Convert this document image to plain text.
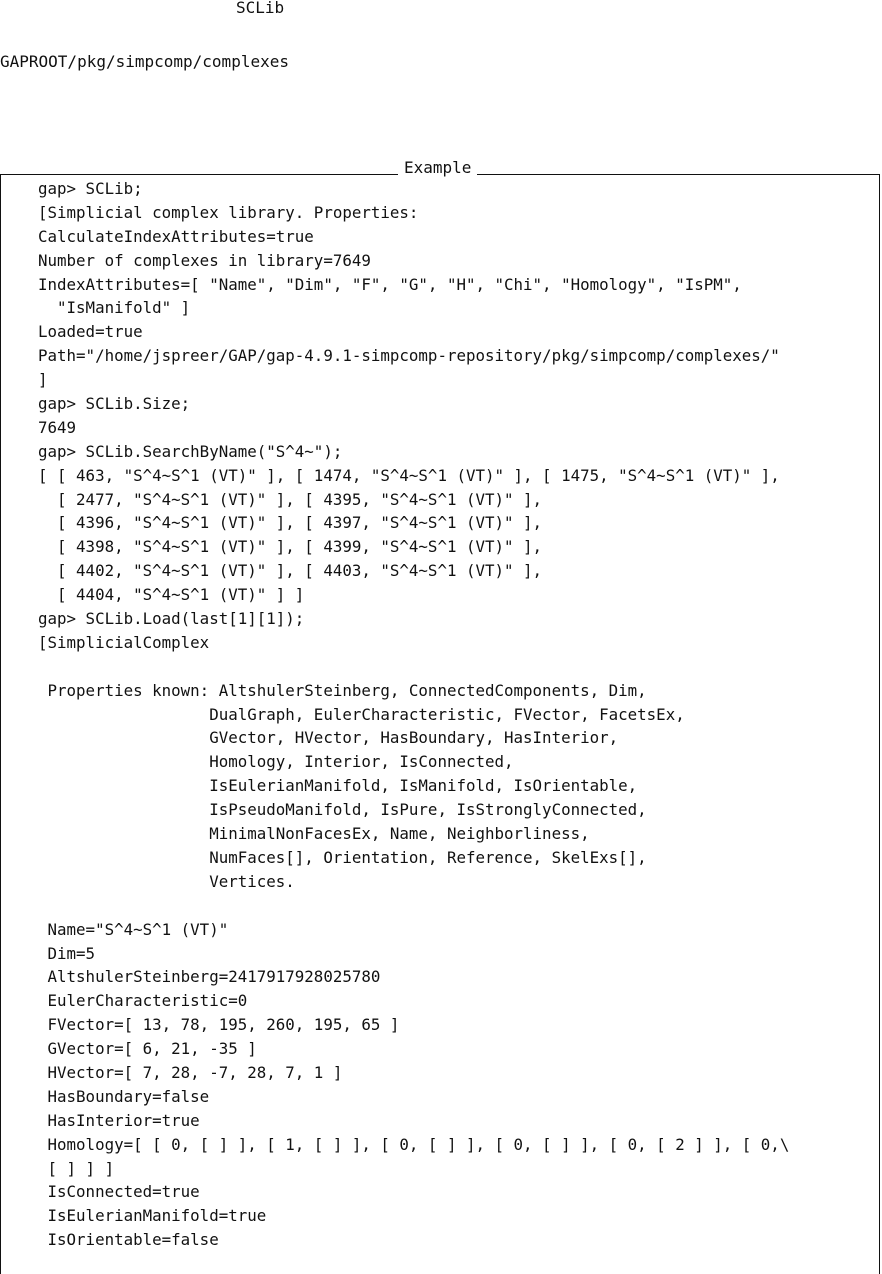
SCLib
GAPROOT/pkg/simpcomp/complexes
Example
gap> SCLib;
[Simplicial complex library. Properties:
CalculateIndexAttributes=true
Number of complexes in library=7649
IndexAttributes=[ "Name", "Dim", "F", "G", "H", "Chi", "Homology", "IsPM",
"IsManifold" ]
Loaded=true
Path="/home/jspreer/GAP/gap-4.9.1-simpcomp-repository/pkg/simpcomp/complexes/"
]
gap> SCLib.Size;
7649
gap> SCLib.SearchByName("S^4~");
[ [ 463, "S^4~S^1 (VT)" ], [ 1474, "S^4~S^1 (VT)" ], [ 1475, "S^4~S^1 (VT)" ],
[ 2477, "S^4~S^1 (VT)" ], [ 4395, "S^4~S^1 (VT)" ],
[ 4396, "S^4~S^1 (VT)" ], [ 4397, "S^4~S^1 (VT)" ],
[ 4398, "S^4~S^1 (VT)" ], [ 4399, "S^4~S^1 (VT)" ],
[ 4402, "S^4~S^1 (VT)" ], [ 4403, "S^4~S^1 (VT)" ],
[ 4404, "S^4~S^1 (VT)" ] ]
gap> SCLib.Load(last[1][1]);
[SimplicialComplex
Properties known: AltshulerSteinberg, ConnectedComponents, Dim,
DualGraph, EulerCharacteristic, FVector, FacetsEx,
GVector, HVector, HasBoundary, HasInterior,
Homology, Interior, IsConnected,
IsEulerianManifold, IsManifold, IsOrientable,
IsPseudoManifold, IsPure, IsStronglyConnected,
MinimalNonFacesEx, Name, Neighborliness,
NumFaces[], Orientation, Reference, SkelExs[],
Vertices.
Name="S^4~S^1 (VT)"
Dim=5
AltshulerSteinberg=2417917928025780
EulerCharacteristic=0
FVector=[ 13, 78, 195, 260, 195, 65 ]
GVector=[ 6, 21, -35 ]
HVector=[ 7, 28, -7, 28, 7, 1 ]
HasBoundary=false
HasInterior=true
Homology=[ [ 0, [ ] ], [ 1, [ ] ], [ 0, [ ] ], [ 0, [ ] ], [ 0, [ 2 ] ], [ 0,\
[ ] ] ]
IsConnected=true
IsEulerianManifold=true
IsOrientable=false
